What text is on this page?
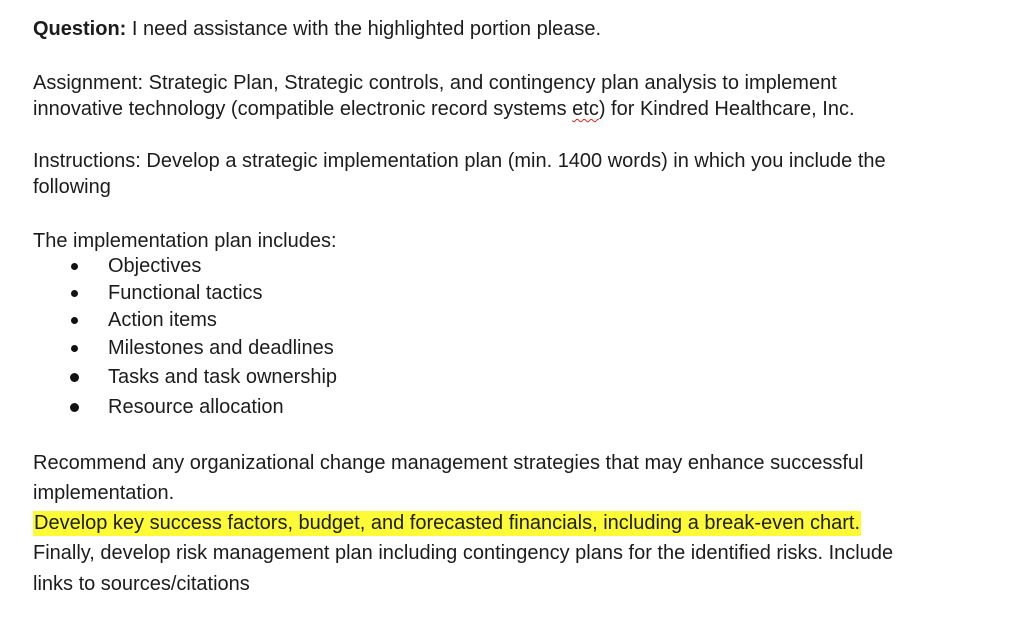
Question: I need assistance with the highlighted portion please.
Assignment: Strategic Plan, Strategic controls, and contingency plan analysis to implement
innovative technology (compatible electronic record systems etc) for Kindred Healthcare, Inc.
Instructions: Develop a strategic implementation plan (min. 1400 words) in which you include the
following
The implementation plan includes:
Objectives
Functional tactics
Action items
Milestones and deadlines
Tasks and task ownership
Resource allocation
Recommend any organizational change management strategies that may enhance successful
implementation.
Develop key success factors, budget, and forecasted financials, including a break-even chart.
Finally, develop risk management plan including contingency plans for the identified risks. Include
links to sources/citations
